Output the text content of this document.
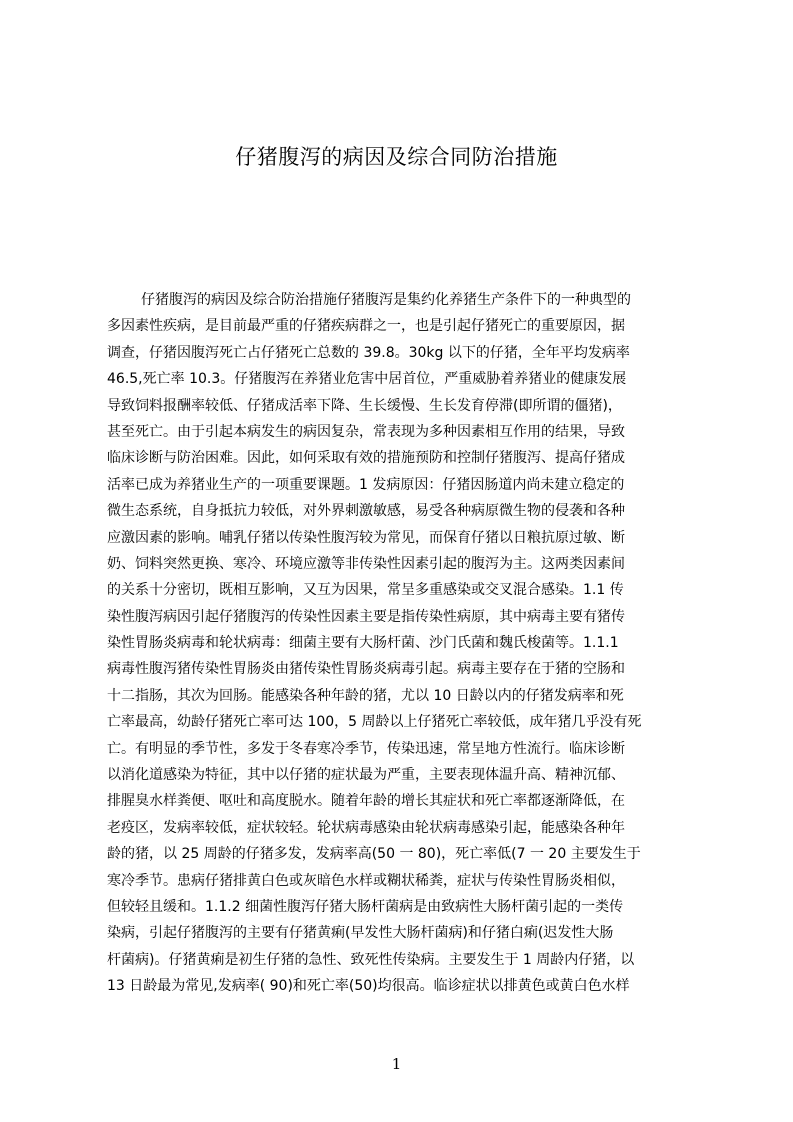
仔猪腹泻的病因及综合同防治措施
仔猪腹泻的病因及综合防治措施仔猪腹泻是集约化养猪生产条件下的一种典型的
多因素性疾病，是目前最严重的仔猪疾病群之一，也是引起仔猪死亡的重要原因，据
调查，仔猪因腹泻死亡占仔猪死亡总数的 39.8。30kg 以下的仔猪，全年平均发病率
46.5,死亡率 10.3。仔猪腹泻在养猪业危害中居首位，严重威胁着养猪业的健康发展
导致饲料报酬率较低、仔猪成活率下降、生长缓慢、生长发育停滞(即所谓的僵猪)，
甚至死亡。由于引起本病发生的病因复杂，常表现为多种因素相互作用的结果，导致
临床诊断与防治困难。因此，如何采取有效的措施预防和控制仔猪腹泻、提高仔猪成
活率已成为养猪业生产的一项重要课题。1 发病原因：仔猪因肠道内尚未建立稳定的
微生态系统，自身抵抗力较低，对外界刺激敏感，易受各种病原微生物的侵袭和各种
应激因素的影响。哺乳仔猪以传染性腹泻较为常见，而保育仔猪以日粮抗原过敏、断
奶、饲料突然更换、寒冷、环境应激等非传染性因素引起的腹泻为主。这两类因素间
的关系十分密切，既相互影响，又互为因果，常呈多重感染或交叉混合感染。1.1 传
染性腹泻病因引起仔猪腹泻的传染性因素主要是指传染性病原，其中病毒主要有猪传
染性胃肠炎病毒和轮状病毒：细菌主要有大肠杆菌、沙门氏菌和魏氏梭菌等。1.1.1
病毒性腹泻猪传染性胃肠炎由猪传染性胃肠炎病毒引起。病毒主要存在于猪的空肠和
十二指肠，其次为回肠。能感染各种年龄的猪，尤以 10 日龄以内的仔猪发病率和死
亡率最高，幼龄仔猪死亡率可达 100，5 周龄以上仔猪死亡率较低，成年猪几乎没有死
亡。有明显的季节性，多发于冬春寒冷季节，传染迅速，常呈地方性流行。临床诊断
以消化道感染为特征，其中以仔猪的症状最为严重，主要表现体温升高、精神沉郁、
排腥臭水样粪便、呕吐和高度脱水。随着年龄的增长其症状和死亡率都逐渐降低，在
老疫区，发病率较低，症状较轻。轮状病毒感染由轮状病毒感染引起，能感染各种年
龄的猪，以 25 周龄的仔猪多发，发病率高(50 一 80)，死亡率低(7 一 20 主要发生于
寒冷季节。患病仔猪排黄白色或灰暗色水样或糊状稀粪，症状与传染性胃肠炎相似，
但较轻且缓和。1.1.2 细菌性腹泻仔猪大肠杆菌病是由致病性大肠杆菌引起的一类传
染病，引起仔猪腹泻的主要有仔猪黄痢(早发性大肠杆菌病)和仔猪白痢(迟发性大肠
杆菌病)。仔猪黄痢是初生仔猪的急性、致死性传染病。主要发生于 1 周龄内仔猪，以
13 日龄最为常见,发病率( 90)和死亡率(50)均很高。临诊症状以排黄色或黄白色水样
1
